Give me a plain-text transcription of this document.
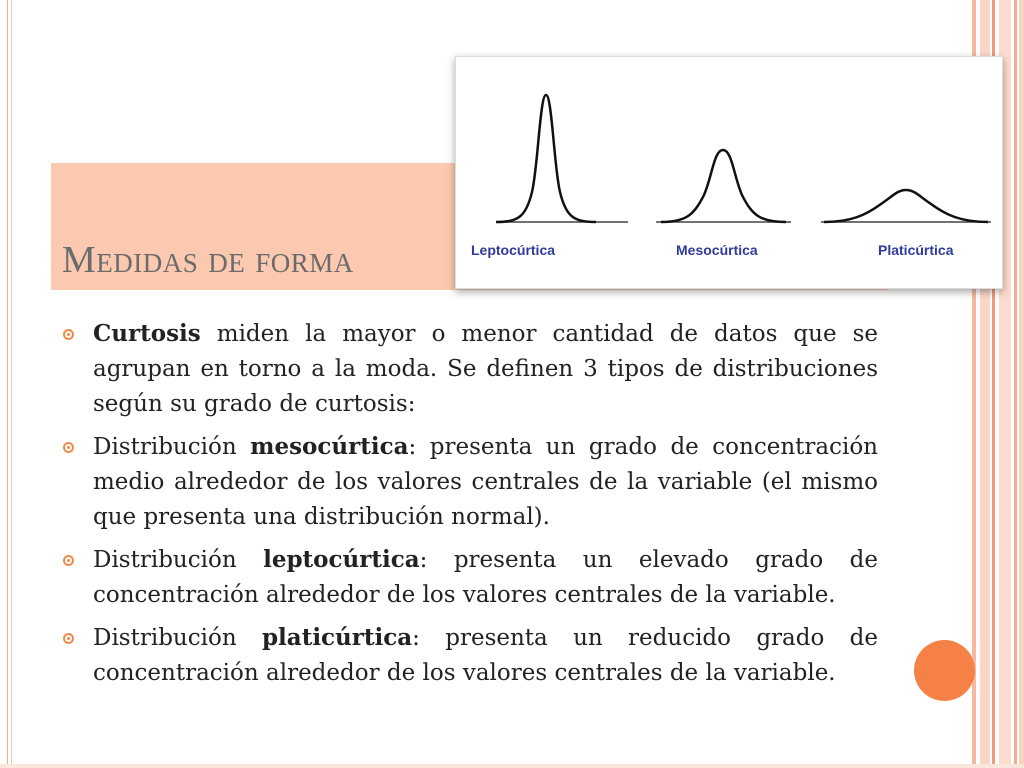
Medidas de forma	Leptocúrtica	Mesocúrtica	Platicúrtica
Curtosis miden la mayor o menor cantidad de datos que se agrupan en torno a la moda. Se definen 3 tipos de distribuciones según su grado de curtosis:
Distribución mesocúrtica: presenta un grado de concentración medio alrededor de los valores centrales de la variable (el mismo que presenta una distribución normal).
Distribución leptocúrtica: presenta un elevado grado de concentración alrededor de los valores centrales de la variable.
Distribución platicúrtica: presenta un reducido grado de concentración alrededor de los valores centrales de la variable.
